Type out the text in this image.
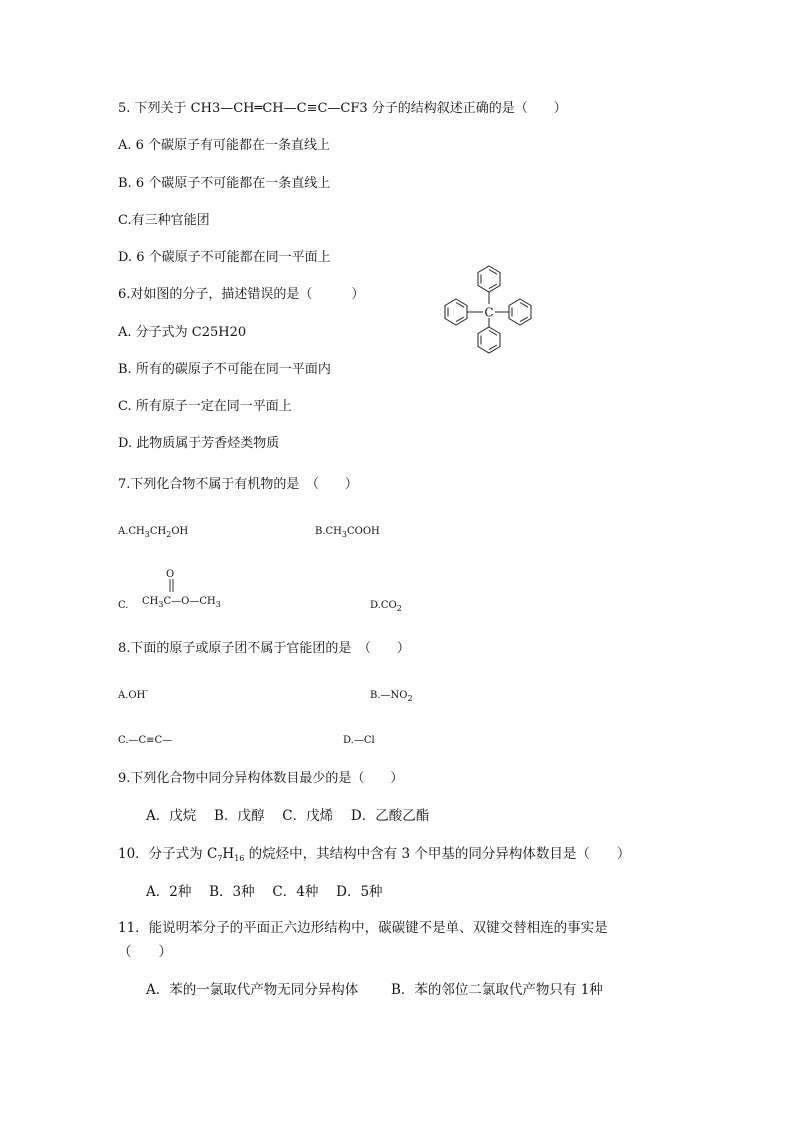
5. 下列关于 CH3—CH═CH—C≡C—CF3 分子的结构叙述正确的是（　　）
A. 6 个碳原子有可能都在一条直线上
B. 6 个碳原子不可能都在一条直线上
C.有三种官能团
D. 6 个碳原子不可能都在同一平面上
6.对如图的分子，描述错误的是（　　　）
C
A. 分子式为 C25H20
B. 所有的碳原子不可能在同一平面内
C. 所有原子一定在同一平面上
D. 此物质属于芳香烃类物质
7.下列化合物不属于有机物的是　（　　）
$A.CH_3CH_2OH$	$B.CH_3COOH$
C.
O
$CH_3C—O—CH_3$	$D.CO_2$
8.下面的原子或原子团不属于官能团的是　（　　）
A.OH-	$B.—NO_2$
C.—C≡C—	D.—Cl
9.下列化合物中同分异构体数目最少的是（　　）
A．戊烷　 B．戊醇　 C．戊烯　 D．乙酸乙酯
10．分子式为 $C_7H_{16}$ 的烷烃中，其结构中含有 3 个甲基的同分异构体数目是（　　）
A．2种　 B．3种　 C．4种　 D．5种
11．能说明苯分子的平面正六边形结构中，碳碳键不是单、双键交替相连的事实是
（　　）
A．苯的一氯取代产物无同分异构体 B．苯的邻位二氯取代产物只有 1种
